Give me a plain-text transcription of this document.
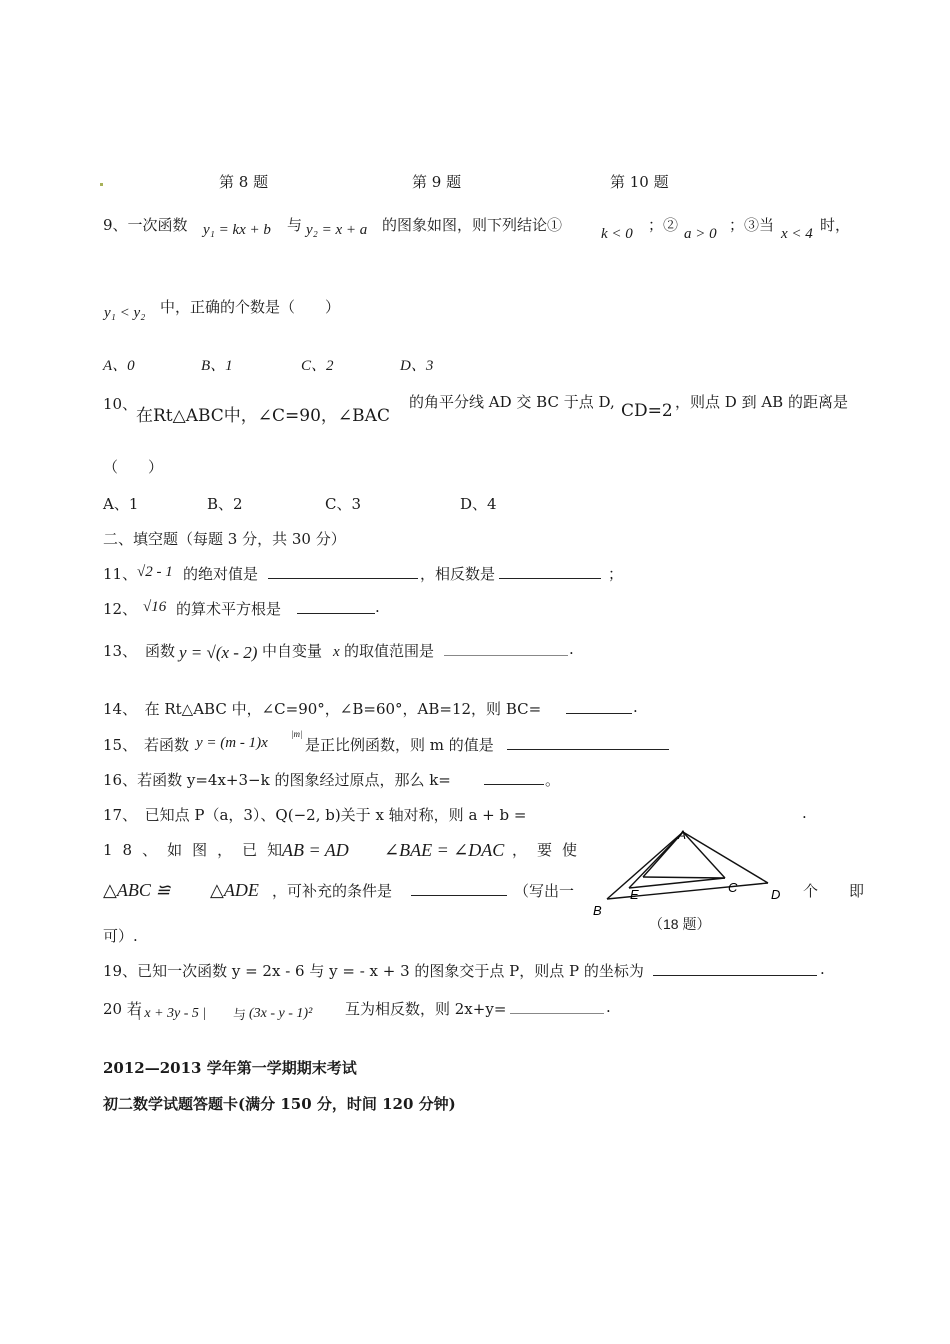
第 8 题	第 9 题	第 10 题
9、一次函数 y₁ = kx + b 与 y₂ = x + a 的图象如图，则下列结论①	k < 0 ；② a > 0 ；③当 x < 4 时，
y₁ < y₂ 中，正确的个数是（　　）
A、0	B、1	C、2	D、3
10、
在Rt△ABC中，∠C=90，∠BAC
的角平分线 AD 交 BC 于点 D, CD=2 ，则点 D 到 AB 的距离是
（　　）
A、1	B、2	C、3	D、4
二、填空题（每题 3 分，共 30 分）
11、 √2 - 1 的绝对值是	，相反数是	；
12、 √16 的算术平方根是	.
13、 函数 y = √(x - 2) 中自变量 x 的取值范围是	.
14、　在 Rt△ABC 中，∠C=90°，∠B=60°，AB=12，则 BC=	.
15、 若函数 y = (m - 1)x
|m|
是正比例函数，则 m 的值是
16、若函数 y=4x+3−k 的图象经过原点，那么 k=	。
17、　已知点 P（a，3）、Q(−2, b)关于 x 轴对称，则 a + b =	.
18、如图，已知
AB = AD ∠BAE = ∠DAC ，要使
△ABC ≌ △ADE ，可补充的条件是	（写出一	个　即
可）.
A
B
C	D
E
（18 题）
19、已知一次函数 y = 2x - 6 与 y = - x + 3 的图象交于点 P，则点 P 的坐标为	.
20 若
| x + 3y - 5 | 与 (3x - y - 1)² 互为相反数，则 2x+y=	.
2012—2013 学年第一学期期末考试
初二数学试题答题卡(满分 150 分，时间 120 分钟)
